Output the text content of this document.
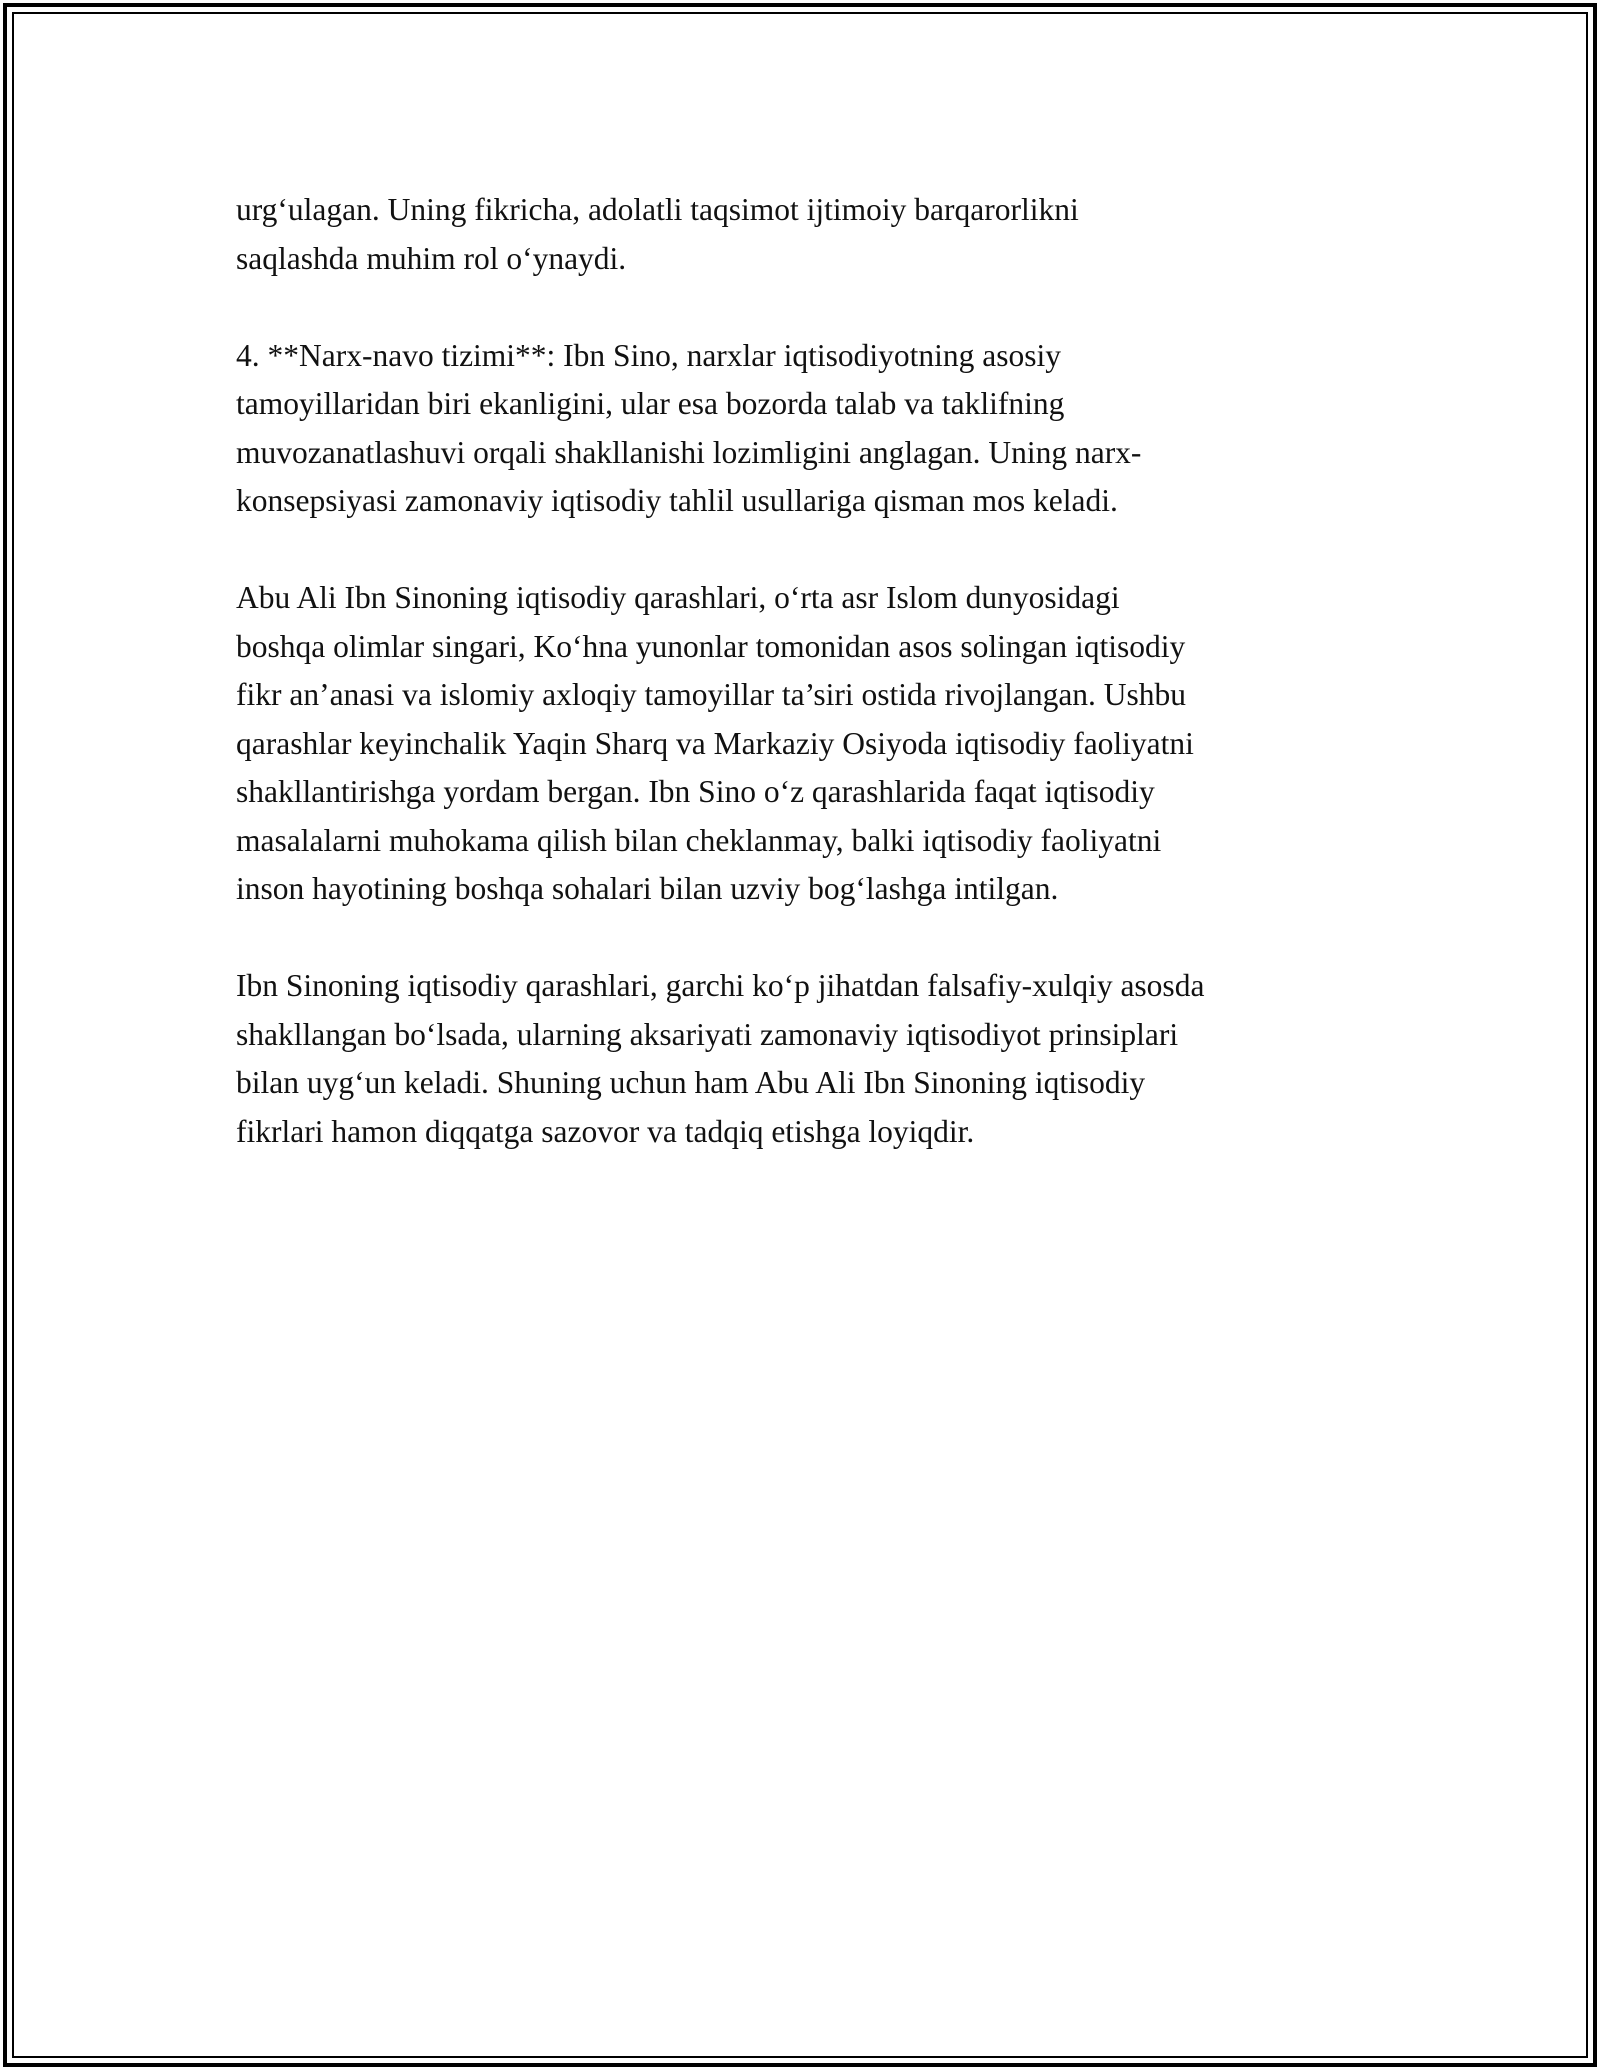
urg‘ulagan. Uning fikricha, adolatli taqsimot ijtimoiy barqarorlikni
saqlashda muhim rol o‘ynaydi.
4. **Narx-navo tizimi**: Ibn Sino, narxlar iqtisodiyotning asosiy
tamoyillaridan biri ekanligini, ular esa bozorda talab va taklifning
muvozanatlashuvi orqali shakllanishi lozimligini anglagan. Uning narx-
konsepsiyasi zamonaviy iqtisodiy tahlil usullariga qisman mos keladi.
Abu Ali Ibn Sinoning iqtisodiy qarashlari, o‘rta asr Islom dunyosidagi
boshqa olimlar singari, Ko‘hna yunonlar tomonidan asos solingan iqtisodiy
fikr an’anasi va islomiy axloqiy tamoyillar ta’siri ostida rivojlangan. Ushbu
qarashlar keyinchalik Yaqin Sharq va Markaziy Osiyoda iqtisodiy faoliyatni
shakllantirishga yordam bergan. Ibn Sino o‘z qarashlarida faqat iqtisodiy
masalalarni muhokama qilish bilan cheklanmay, balki iqtisodiy faoliyatni
inson hayotining boshqa sohalari bilan uzviy bog‘lashga intilgan.
Ibn Sinoning iqtisodiy qarashlari, garchi ko‘p jihatdan falsafiy-xulqiy asosda
shakllangan bo‘lsada, ularning aksariyati zamonaviy iqtisodiyot prinsiplari
bilan uyg‘un keladi. Shuning uchun ham Abu Ali Ibn Sinoning iqtisodiy
fikrlari hamon diqqatga sazovor va tadqiq etishga loyiqdir.
